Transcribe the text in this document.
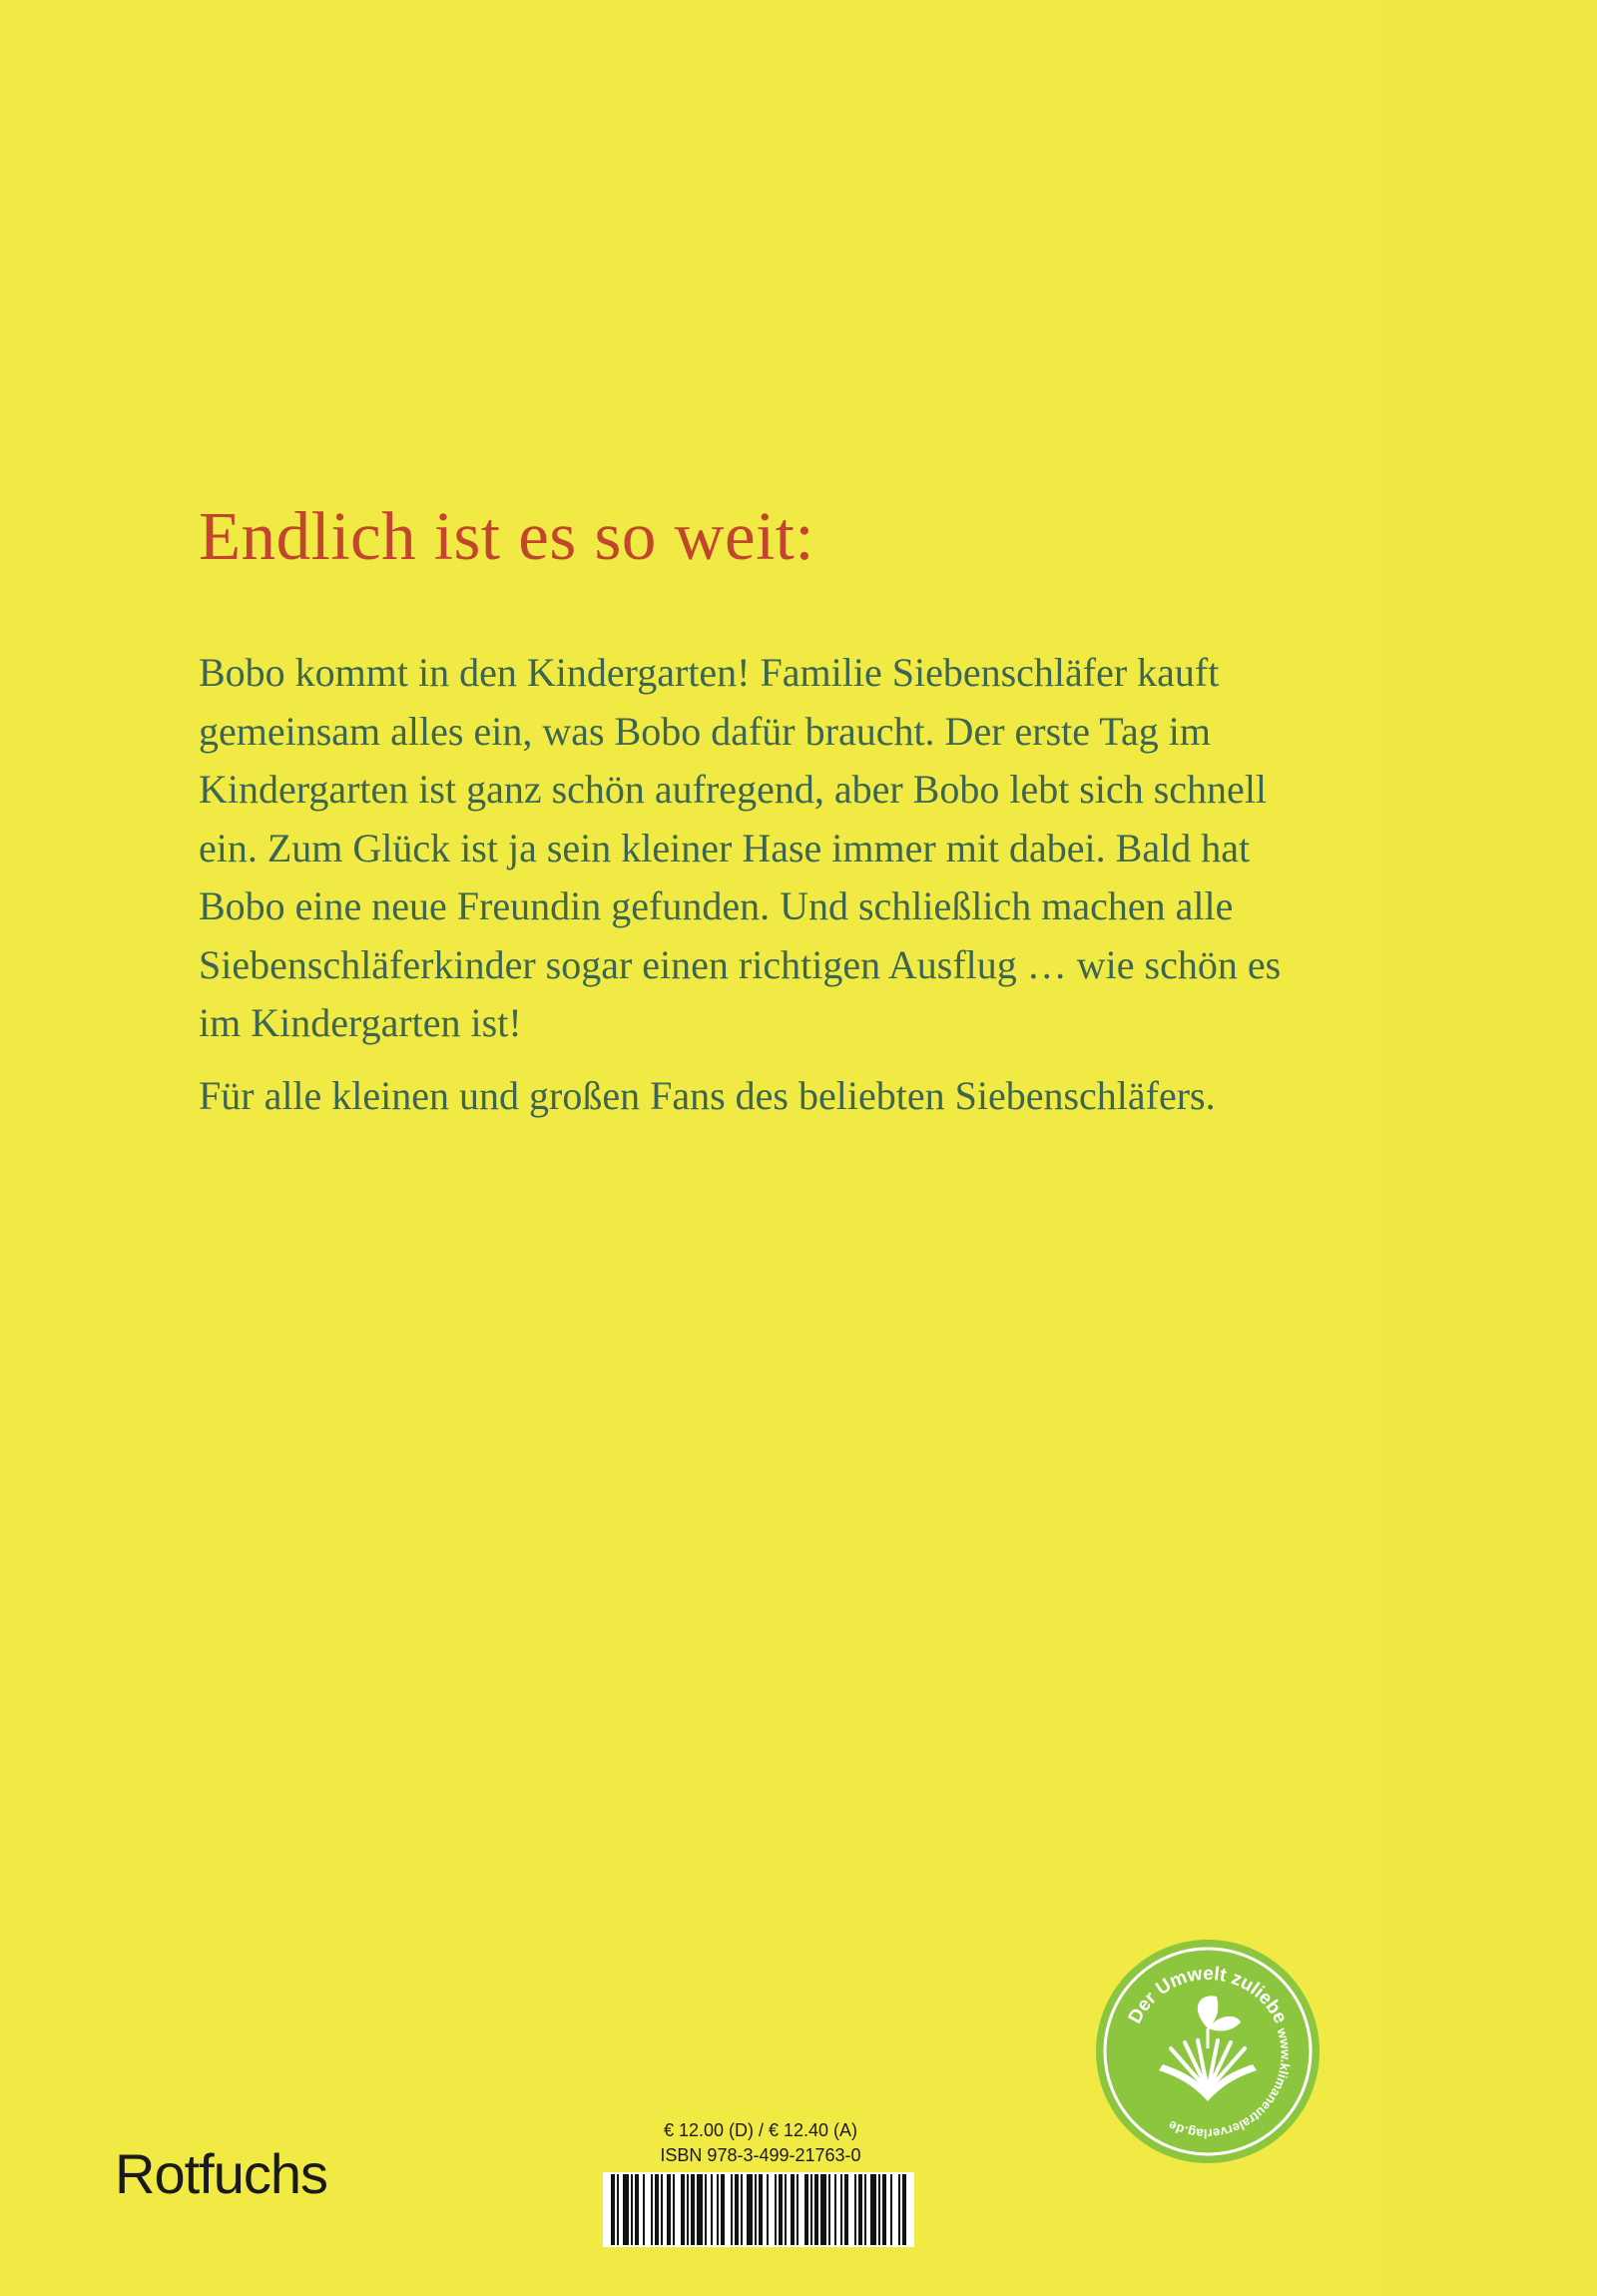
Endlich ist es so weit:

Bobo kommt in den Kindergarten! Familie Siebenschläfer kauft gemeinsam alles ein, was Bobo dafür braucht. Der erste Tag im Kindergarten ist ganz schön aufregend, aber Bobo lebt sich schnell ein. Zum Glück ist ja sein kleiner Hase immer mit dabei. Bald hat Bobo eine neue Freundin gefunden. Und schließlich machen alle Siebenschläferkinder sogar einen richtigen Ausflug … wie schön es im Kindergarten ist!

Für alle kleinen und großen Fans des beliebten Siebenschläfers.

Rotfuchs
€ 12.00 (D) / € 12.40 (A)
ISBN 978-3-499-21763-0
Der Umwelt zuliebe
www.klimaneutralerverlag.de
